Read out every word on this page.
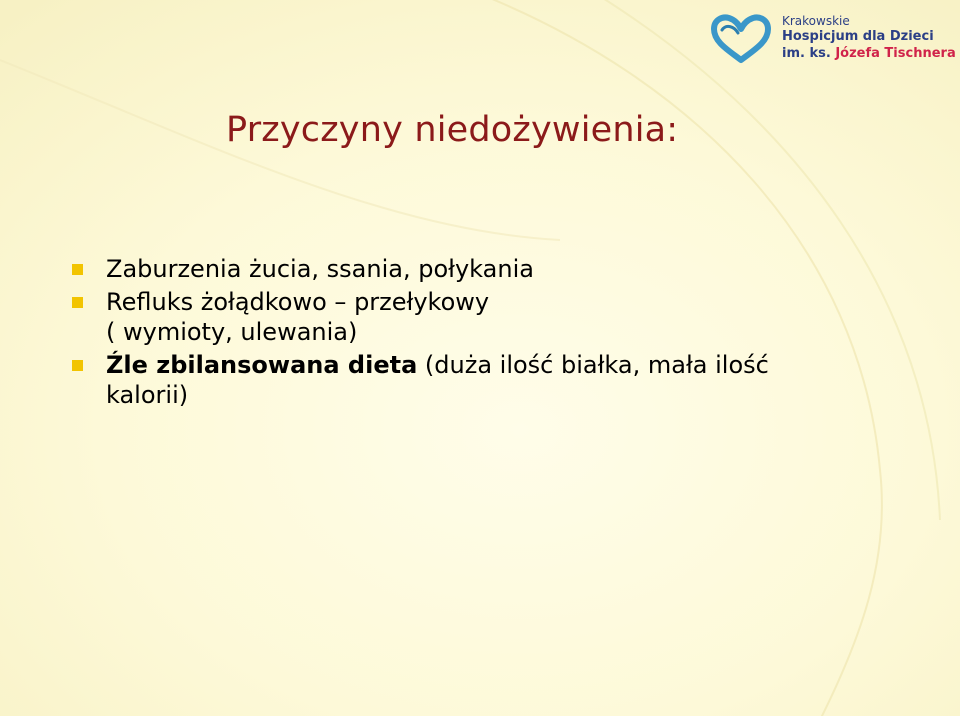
Krakowskie
Hospicjum dla Dzieci
im. ks. Józefa Tischnera
Przyczyny niedożywienia:
Zaburzenia żucia, ssania, połykania
Refluks żołądkowo – przełykowy
( wymioty, ulewania)
Źle zbilansowana dieta (duża ilość białka, mała ilość
kalorii)
